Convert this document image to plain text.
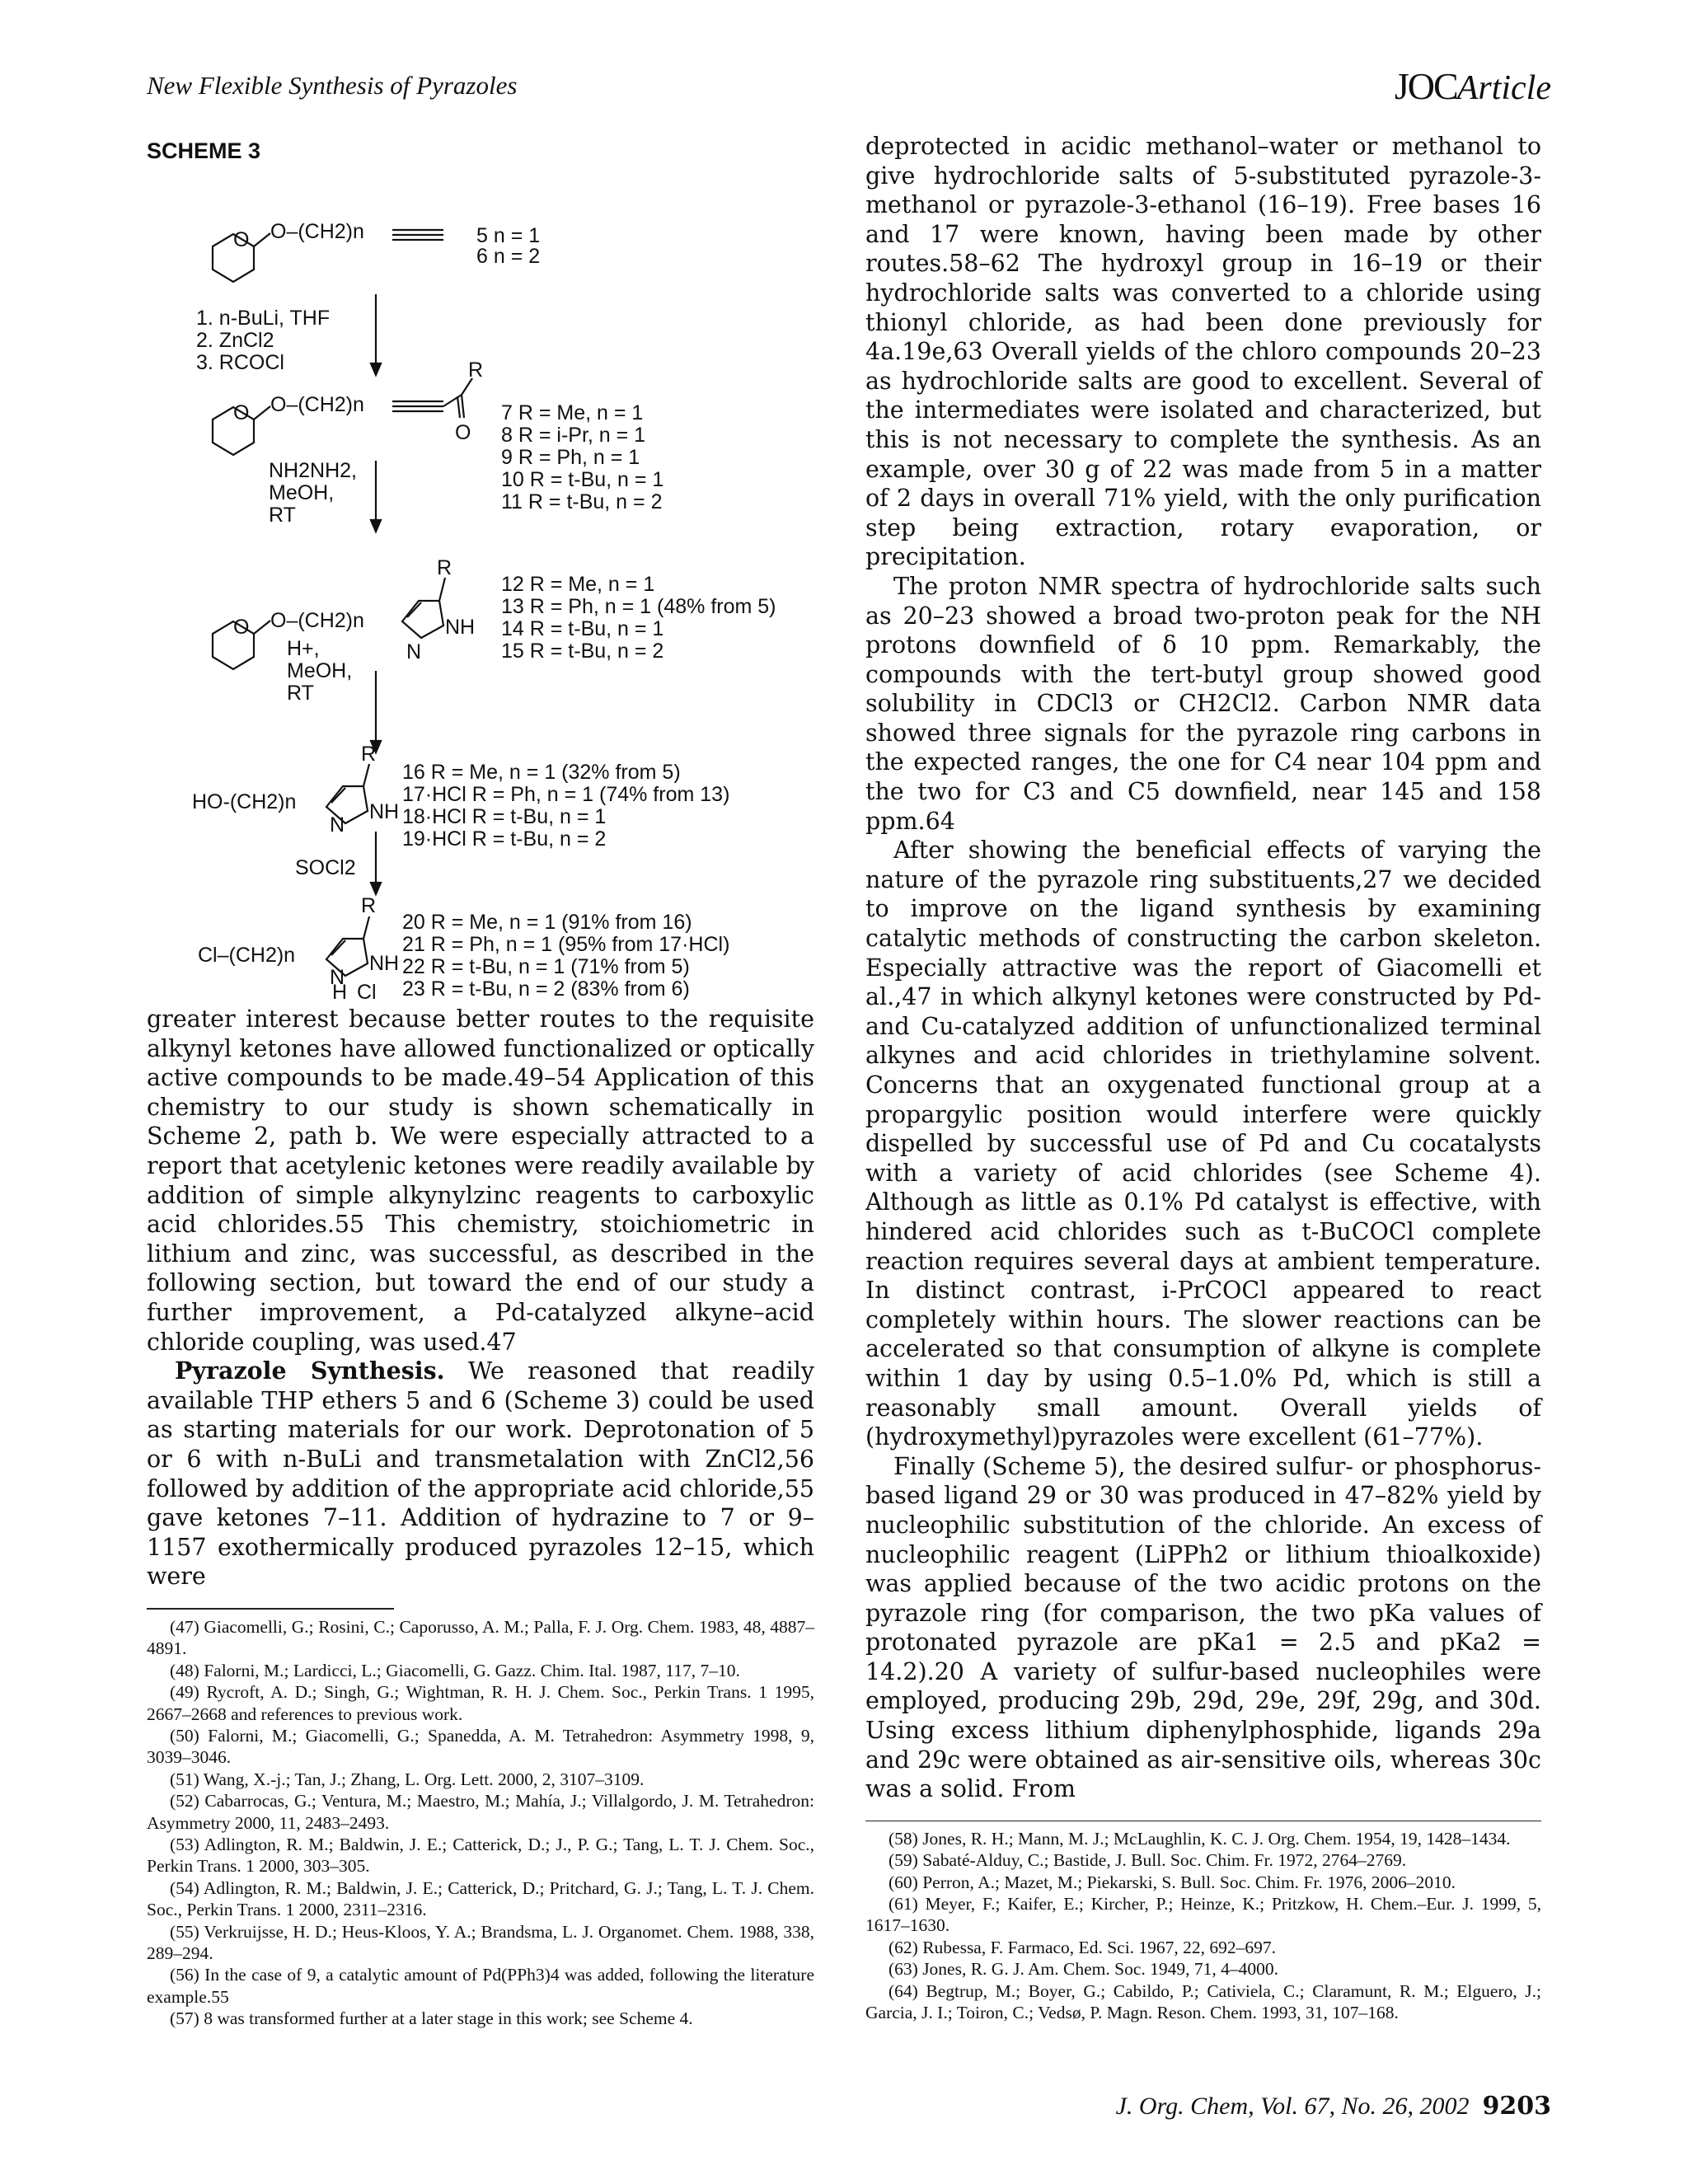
New Flexible Synthesis of Pyrazoles	JOCArticle
SCHEME 3
O O–(CH2)n	5 n = 1
6 n = 2
1. n-BuLi, THF
2. ZnCl2
3. RCOCl
O O–(CH2)n
R
O
7 R = Me, n = 1
8 R = i-Pr, n = 1
9 R = Ph, n = 1
10 R = t-Bu, n = 1
11 R = t-Bu, n = 2
NH2NH2,
MeOH,
RT
O O–(CH2)n
R
N
NH
12 R = Me, n = 1
13 R = Ph, n = 1 (48% from 5)
14 R = t-Bu, n = 1
15 R = t-Bu, n = 2
H+,
MeOH,
RT
R
HO-(CH2)n
N
NH
16 R = Me, n = 1 (32% from 5)
17·HCl R = Ph, n = 1 (74% from 13)
18·HCl R = t-Bu, n = 1
19·HCl R = t-Bu, n = 2
SOCl2
R
Cl–(CH2)n
N
NH
H Cl
20 R = Me, n = 1 (91% from 16)
21 R = Ph, n = 1 (95% from 17·HCl)
22 R = t-Bu, n = 1 (71% from 5)
23 R = t-Bu, n = 2 (83% from 6)

greater interest because better routes to the requisite alkynyl ketones have allowed functionalized or optically active compounds to be made.49–54 Application of this chemistry to our study is shown schematically in Scheme 2, path b. We were especially attracted to a report that acetylenic ketones were readily available by addition of simple alkynylzinc reagents to carboxylic acid chlorides.55 This chemistry, stoichiometric in lithium and zinc, was successful, as described in the following section, but toward the end of our study a further improvement, a Pd-catalyzed alkyne–acid chloride coupling, was used.47

Pyrazole Synthesis. We reasoned that readily available THP ethers 5 and 6 (Scheme 3) could be used as starting materials for our work. Deprotonation of 5 or 6 with n-BuLi and transmetalation with ZnCl2,56 followed by addition of the appropriate acid chloride,55 gave ketones 7–11. Addition of hydrazine to 7 or 9–1157 exothermically produced pyrazoles 12–15, which were

(47) Giacomelli, G.; Rosini, C.; Caporusso, A. M.; Palla, F. J. Org. Chem. 1983, 48, 4887–4891.

(48) Falorni, M.; Lardicci, L.; Giacomelli, G. Gazz. Chim. Ital. 1987, 117, 7–10.

(49) Rycroft, A. D.; Singh, G.; Wightman, R. H. J. Chem. Soc., Perkin Trans. 1 1995, 2667–2668 and references to previous work.

(50) Falorni, M.; Giacomelli, G.; Spanedda, A. M. Tetrahedron: Asymmetry 1998, 9, 3039–3046.

(51) Wang, X.-j.; Tan, J.; Zhang, L. Org. Lett. 2000, 2, 3107–3109.

(52) Cabarrocas, G.; Ventura, M.; Maestro, M.; Mahía, J.; Villalgordo, J. M. Tetrahedron: Asymmetry 2000, 11, 2483–2493.

(53) Adlington, R. M.; Baldwin, J. E.; Catterick, D.; J., P. G.; Tang, L. T. J. Chem. Soc., Perkin Trans. 1 2000, 303–305.

(54) Adlington, R. M.; Baldwin, J. E.; Catterick, D.; Pritchard, G. J.; Tang, L. T. J. Chem. Soc., Perkin Trans. 1 2000, 2311–2316.

(55) Verkruijsse, H. D.; Heus-Kloos, Y. A.; Brandsma, L. J. Organomet. Chem. 1988, 338, 289–294.

(56) In the case of 9, a catalytic amount of Pd(PPh3)4 was added, following the literature example.55

(57) 8 was transformed further at a later stage in this work; see Scheme 4.

deprotected in acidic methanol–water or methanol to give hydrochloride salts of 5-substituted pyrazole-3-methanol or pyrazole-3-ethanol (16–19). Free bases 16 and 17 were known, having been made by other routes.58–62 The hydroxyl group in 16–19 or their hydrochloride salts was converted to a chloride using thionyl chloride, as had been done previously for 4a.19e,63 Overall yields of the chloro compounds 20–23 as hydrochloride salts are good to excellent. Several of the intermediates were isolated and characterized, but this is not necessary to complete the synthesis. As an example, over 30 g of 22 was made from 5 in a matter of 2 days in overall 71% yield, with the only purification step being extraction, rotary evaporation, or precipitation.

The proton NMR spectra of hydrochloride salts such as 20–23 showed a broad two-proton peak for the NH protons downfield of δ 10 ppm. Remarkably, the compounds with the tert-butyl group showed good solubility in CDCl3 or CH2Cl2. Carbon NMR data showed three signals for the pyrazole ring carbons in the expected ranges, the one for C4 near 104 ppm and the two for C3 and C5 downfield, near 145 and 158 ppm.64

After showing the beneficial effects of varying the nature of the pyrazole ring substituents,27 we decided to improve on the ligand synthesis by examining catalytic methods of constructing the carbon skeleton. Especially attractive was the report of Giacomelli et al.,47 in which alkynyl ketones were constructed by Pd- and Cu-catalyzed addition of unfunctionalized terminal alkynes and acid chlorides in triethylamine solvent. Concerns that an oxygenated functional group at a propargylic position would interfere were quickly dispelled by successful use of Pd and Cu cocatalysts with a variety of acid chlorides (see Scheme 4). Although as little as 0.1% Pd catalyst is effective, with hindered acid chlorides such as t-BuCOCl complete reaction requires several days at ambient temperature. In distinct contrast, i-PrCOCl appeared to react completely within hours. The slower reactions can be accelerated so that consumption of alkyne is complete within 1 day by using 0.5–1.0% Pd, which is still a reasonably small amount. Overall yields of (hydroxymethyl)pyrazoles were excellent (61–77%).

Finally (Scheme 5), the desired sulfur- or phosphorus-based ligand 29 or 30 was produced in 47–82% yield by nucleophilic substitution of the chloride. An excess of nucleophilic reagent (LiPPh2 or lithium thioalkoxide) was applied because of the two acidic protons on the pyrazole ring (for comparison, the two pKa values of protonated pyrazole are pKa1 = 2.5 and pKa2 = 14.2).20 A variety of sulfur-based nucleophiles were employed, producing 29b, 29d, 29e, 29f, 29g, and 30d. Using excess lithium diphenylphosphide, ligands 29a and 29c were obtained as air-sensitive oils, whereas 30c was a solid. From

(58) Jones, R. H.; Mann, M. J.; McLaughlin, K. C. J. Org. Chem. 1954, 19, 1428–1434.

(59) Sabaté-Alduy, C.; Bastide, J. Bull. Soc. Chim. Fr. 1972, 2764–2769.

(60) Perron, A.; Mazet, M.; Piekarski, S. Bull. Soc. Chim. Fr. 1976, 2006–2010.

(61) Meyer, F.; Kaifer, E.; Kircher, P.; Heinze, K.; Pritzkow, H. Chem.–Eur. J. 1999, 5, 1617–1630.

(62) Rubessa, F. Farmaco, Ed. Sci. 1967, 22, 692–697.

(63) Jones, R. G. J. Am. Chem. Soc. 1949, 71, 4–4000.

(64) Begtrup, M.; Boyer, G.; Cabildo, P.; Cativiela, C.; Claramunt, R. M.; Elguero, J.; Garcia, J. I.; Toiron, C.; Vedsø, P. Magn. Reson. Chem. 1993, 31, 107–168.

J. Org. Chem, Vol. 67, No. 26, 2002 9203
